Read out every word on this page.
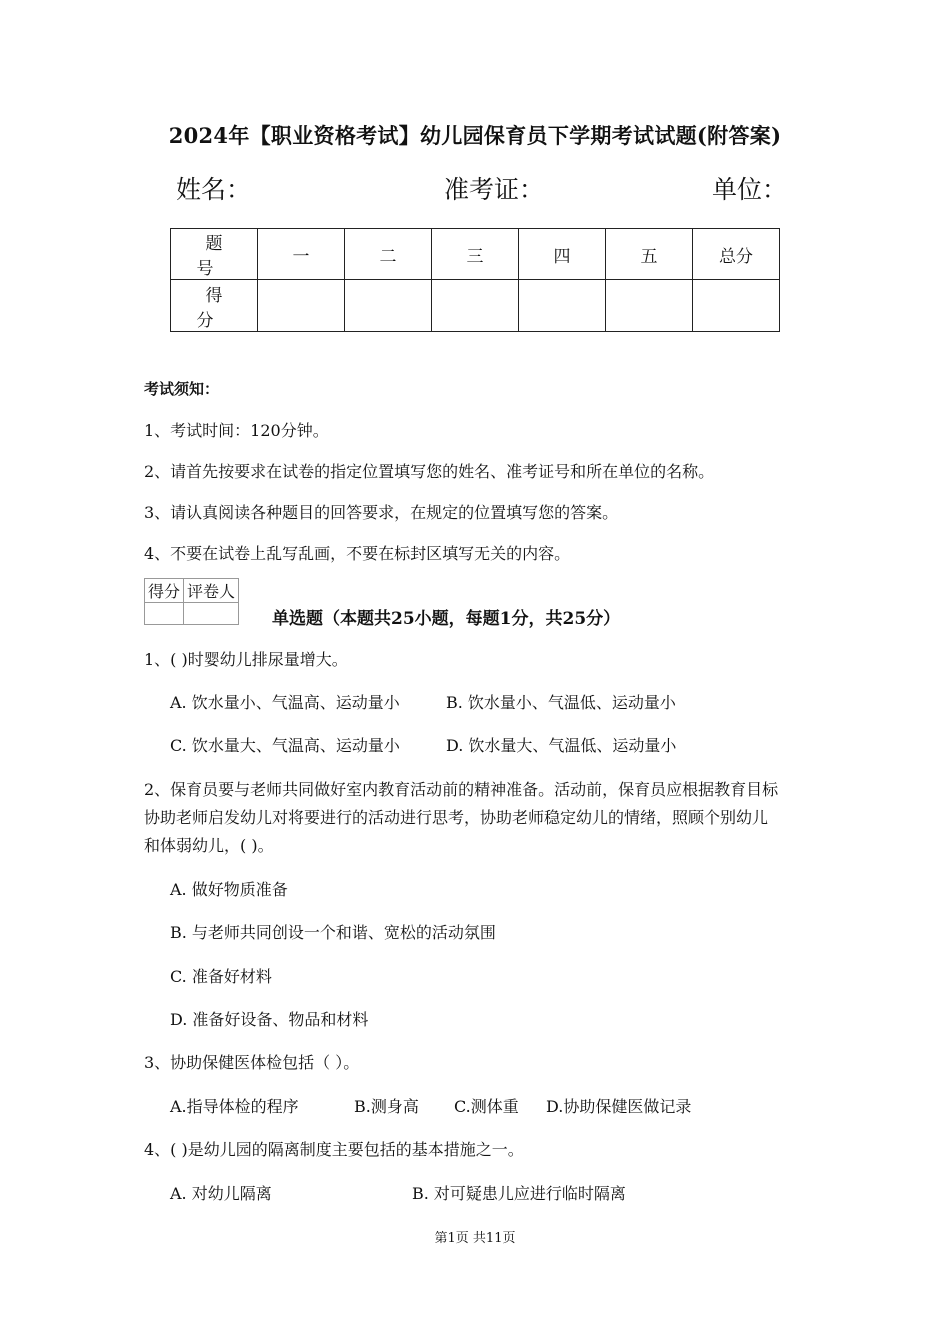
2024年【职业资格考试】幼儿园保育员下学期考试试题(附答案)
姓名：	准考证：	单位：
题 号	一	二	三	四	五	总分
得 分						
考试须知：
1、考试时间：120分钟。
2、请首先按要求在试卷的指定位置填写您的姓名、准考证号和所在单位的名称。
3、请认真阅读各种题目的回答要求，在规定的位置填写您的答案。
4、不要在试卷上乱写乱画，不要在标封区填写无关的内容。
得分	评卷人

单选题（本题共25小题，每题1分，共25分）
1、( )时婴幼儿排尿量增大。
A. 饮水量小、气温高、运动量小	B. 饮水量小、气温低、运动量小
C. 饮水量大、气温高、运动量小	D. 饮水量大、气温低、运动量小
2、保育员要与老师共同做好室内教育活动前的精神准备。活动前，保育员应根据教育目标
协助老师启发幼儿对将要进行的活动进行思考，协助老师稳定幼儿的情绪，照顾个别幼儿
和体弱幼儿，( )。
A. 做好物质准备
B. 与老师共同创设一个和谐、宽松的活动氛围
C. 准备好材料
D. 准备好设备、物品和材料
3、协助保健医体检包括（ ）。
A.指导体检的程序	B.测身高 C.测体重 D.协助保健医做记录
4、( )是幼儿园的隔离制度主要包括的基本措施之一。
A. 对幼儿隔离	B. 对可疑患儿应进行临时隔离
第1页 共11页
